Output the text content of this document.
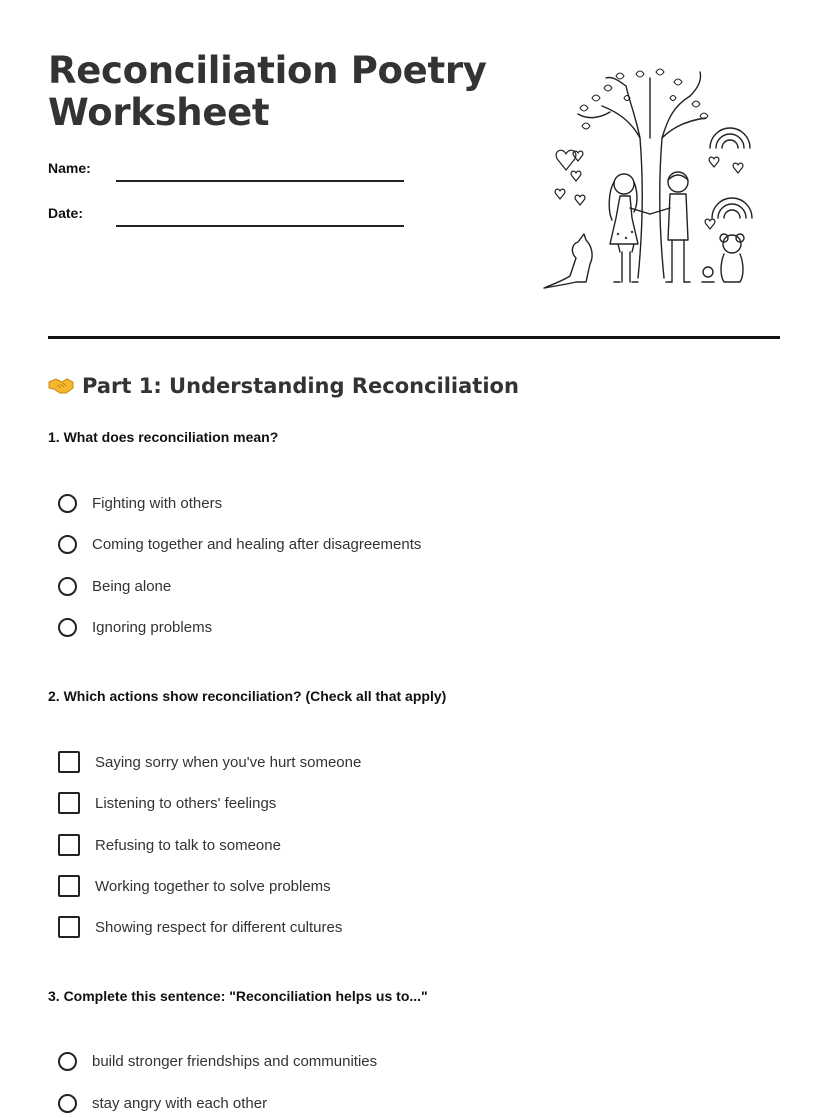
Reconciliation Poetry
Worksheet
Name:
Date:
Part 1: Understanding Reconciliation

1. What does reconciliation mean?

Fighting with others
Coming together and healing after disagreements
Being alone
Ignoring problems

2. Which actions show reconciliation? (Check all that apply)

Saying sorry when you've hurt someone
Listening to others' feelings
Refusing to talk to someone
Working together to solve problems
Showing respect for different cultures

3. Complete this sentence: "Reconciliation helps us to..."

build stronger friendships and communities
stay angry with each other
